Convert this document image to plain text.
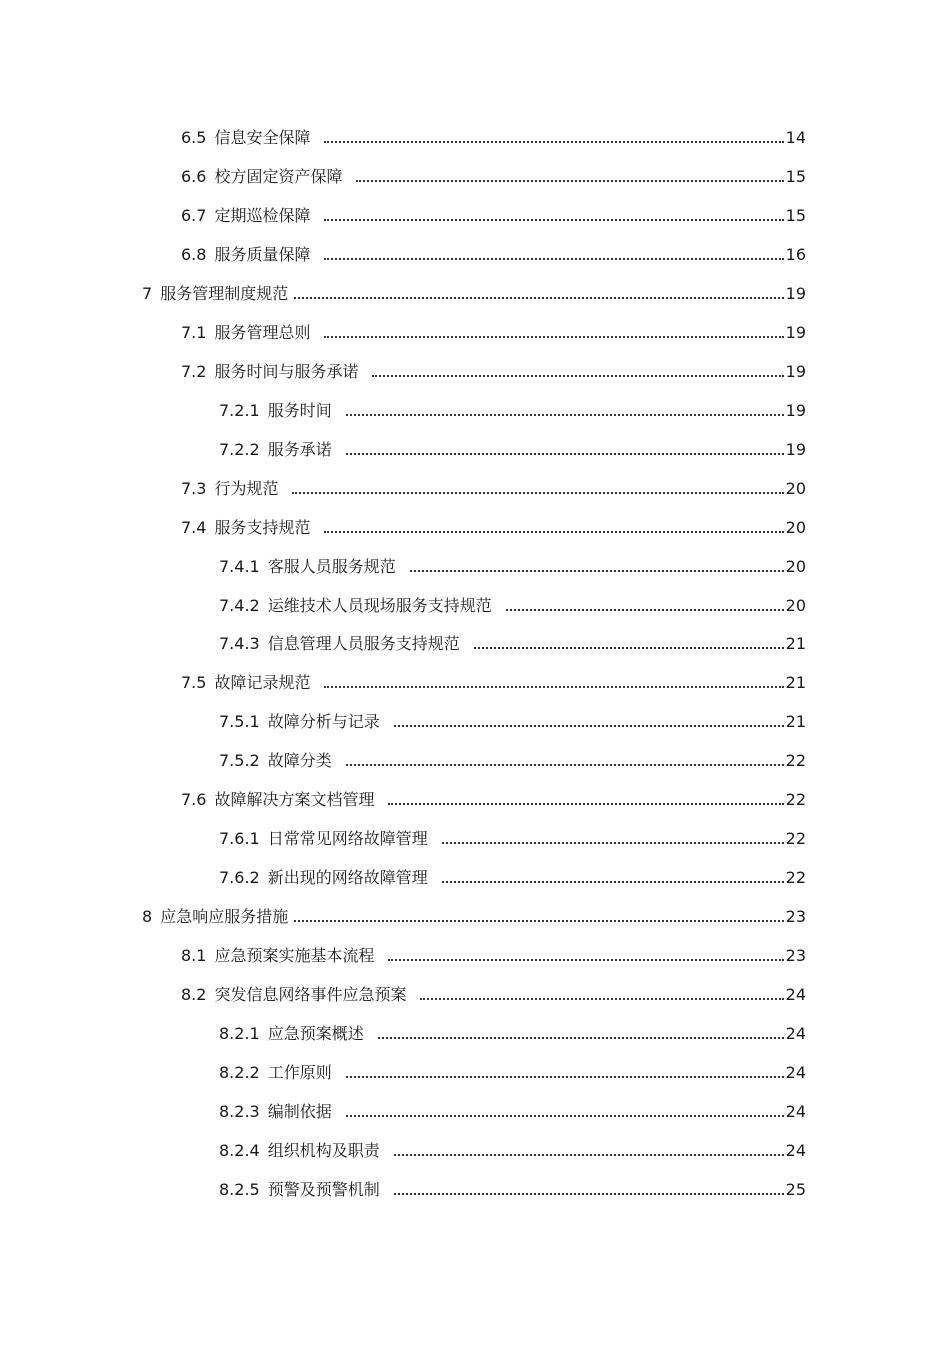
6.5 信息安全保障	14
6.6 校方固定资产保障	15
6.7 定期巡检保障	15
6.8 服务质量保障	16
7 服务管理制度规范	19
7.1 服务管理总则	19
7.2 服务时间与服务承诺	19
7.2.1 服务时间	19
7.2.2 服务承诺	19
7.3 行为规范	20
7.4 服务支持规范	20
7.4.1 客服人员服务规范	20
7.4.2 运维技术人员现场服务支持规范	20
7.4.3 信息管理人员服务支持规范	21
7.5 故障记录规范	21
7.5.1 故障分析与记录	21
7.5.2 故障分类	22
7.6 故障解决方案文档管理	22
7.6.1 日常常见网络故障管理	22
7.6.2 新出现的网络故障管理	22
8 应急响应服务措施	23
8.1 应急预案实施基本流程	23
8.2 突发信息网络事件应急预案	24
8.2.1 应急预案概述	24
8.2.2 工作原则	24
8.2.3 编制依据	24
8.2.4 组织机构及职责	24
8.2.5 预警及预警机制	25
